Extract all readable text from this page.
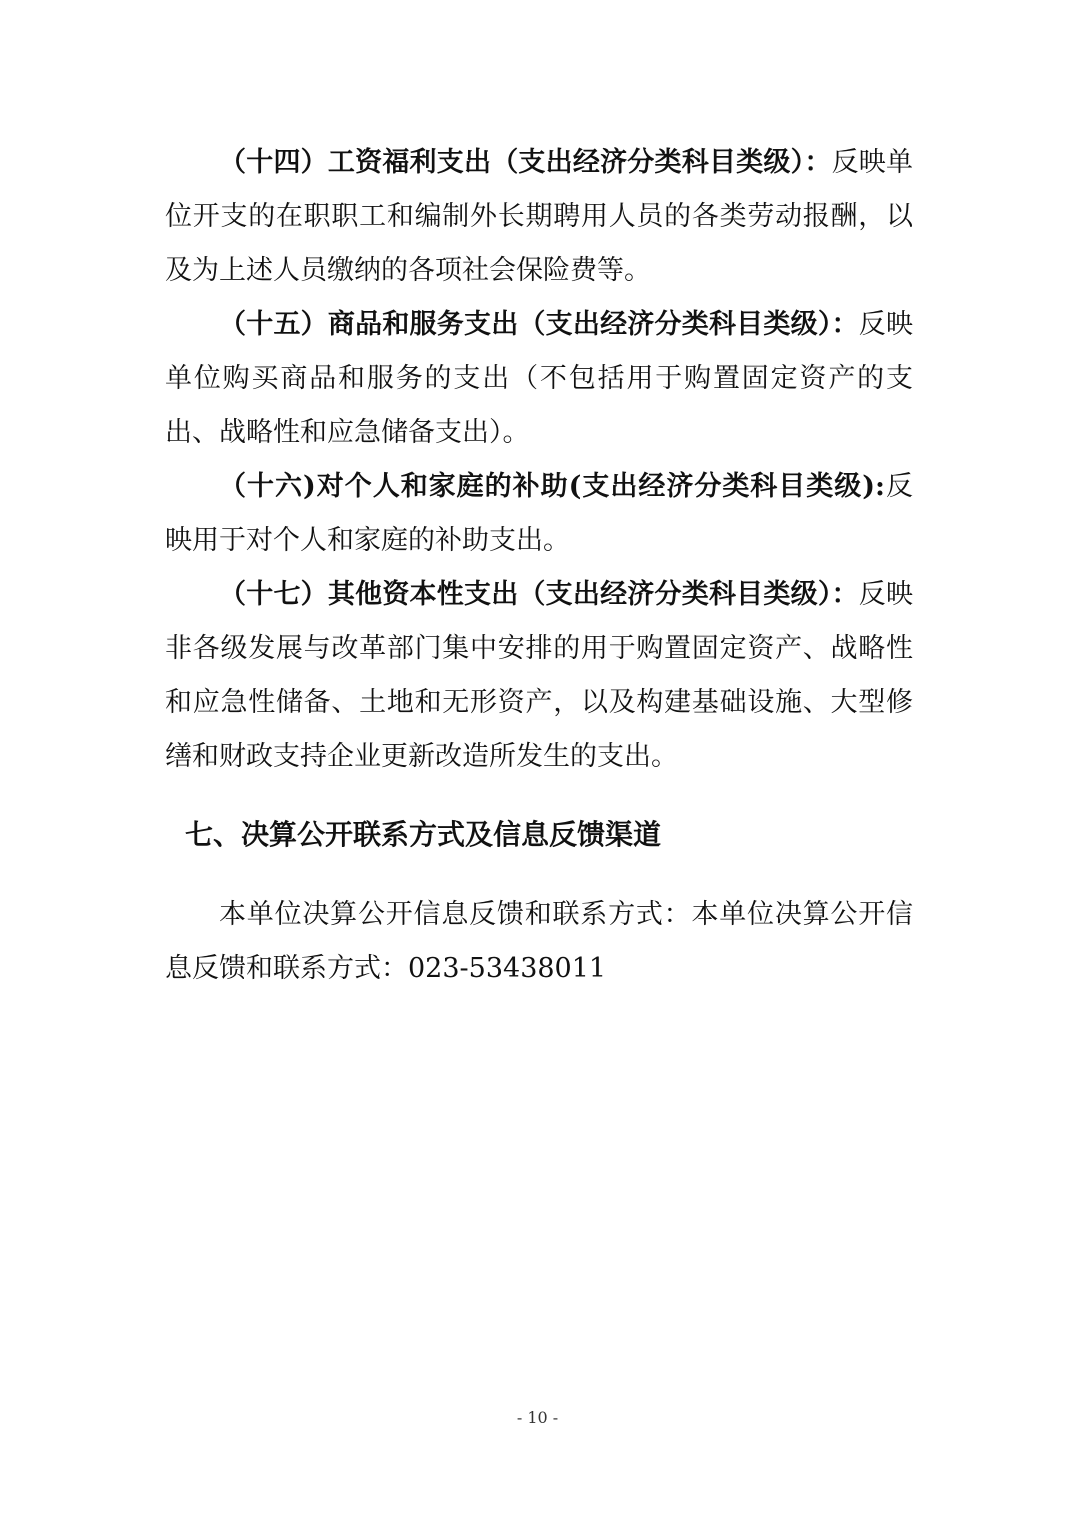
（十四）工资福利支出（支出经济分类科目类级）：反映单位开支的在职职工和编制外长期聘用人员的各类劳动报酬，以及为上述人员缴纳的各项社会保险费等。

（十五）商品和服务支出（支出经济分类科目类级）：反映单位购买商品和服务的支出（不包括用于购置固定资产的支出、战略性和应急储备支出）。

（十六)对个人和家庭的补助(支出经济分类科目类级):反映用于对个人和家庭的补助支出。

（十七）其他资本性支出（支出经济分类科目类级）：反映非各级发展与改革部门集中安排的用于购置固定资产、战略性和应急性储备、土地和无形资产，以及构建基础设施、大型修缮和财政支持企业更新改造所发生的支出。

七、决算公开联系方式及信息反馈渠道

本单位决算公开信息反馈和联系方式：本单位决算公开信息反馈和联系方式：023-53438011

- 10 -
